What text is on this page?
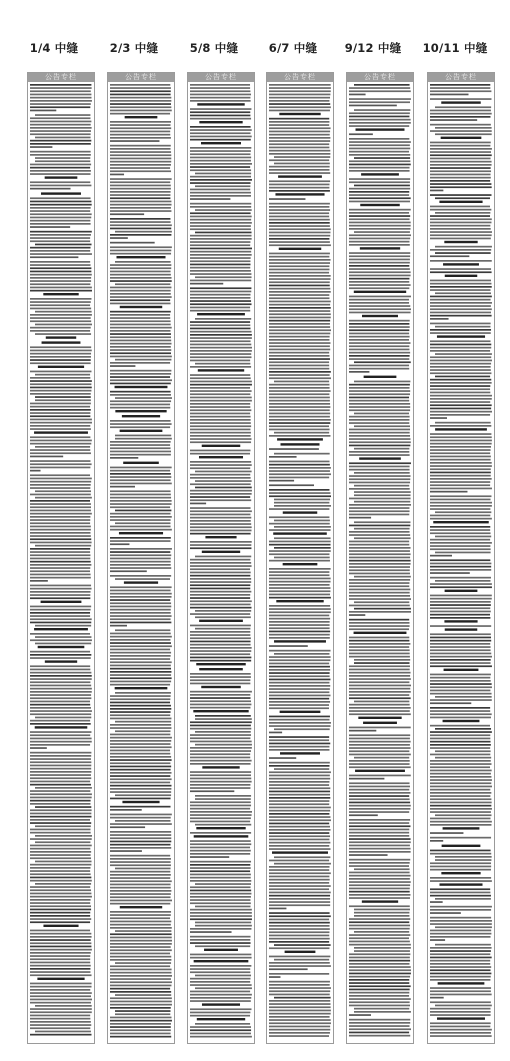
1/4 中缝	2/3 中缝	5/8 中缝	6/7 中缝	9/12 中缝	10/11 中缝
公告专栏	公告专栏	公告专栏	公告专栏	公告专栏	公告专栏
